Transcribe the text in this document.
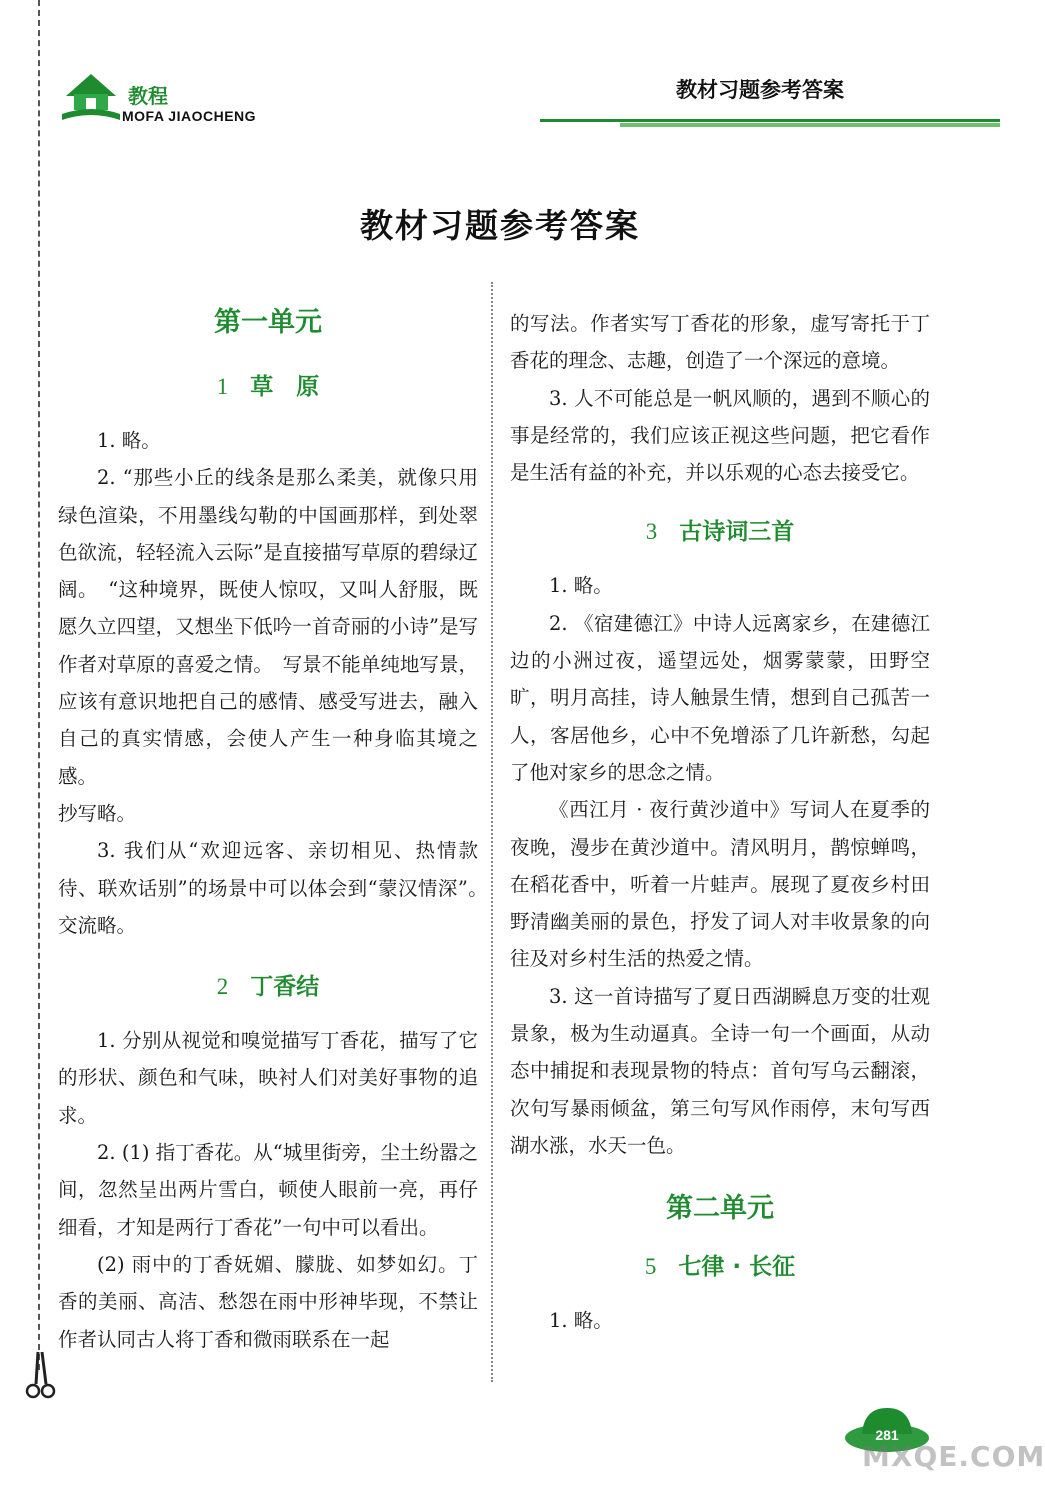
教程
MOFA JIAOCHENG
教材习题参考答案
教材习题参考答案
第一单元
1 草　原

1. 略。

2. “那些小丘的线条是那么柔美，就像只用绿色渲染，不用墨线勾勒的中国画那样，到处翠色欲流，轻轻流入云际”是直接描写草原的碧绿辽阔。　“这种境界，既使人惊叹，又叫人舒服，既愿久立四望，又想坐下低吟一首奇丽的小诗”是写作者对草原的喜爱之情。　写景不能单纯地写景，应该有意识地把自己的感情、感受写进去，融入自己的真实情感，会使人产生一种身临其境之感。

抄写略。

3. 我们从“欢迎远客、亲切相见、热情款待、联欢话别”的场景中可以体会到“蒙汉情深”。　交流略。

2 丁香结

1. 分别从视觉和嗅觉描写丁香花，描写了它的形状、颜色和气味，映衬人们对美好事物的追求。

2. (1) 指丁香花。从“城里街旁，尘土纷嚣之间，忽然呈出两片雪白，顿使人眼前一亮，再仔细看，才知是两行丁香花”一句中可以看出。

(2) 雨中的丁香妩媚、朦胧、如梦如幻。丁香的美丽、高洁、愁怨在雨中形神毕现，不禁让作者认同古人将丁香和微雨联系在一起

的写法。作者实写丁香花的形象，虚写寄托于丁香花的理念、志趣，创造了一个深远的意境。

3. 人不可能总是一帆风顺的，遇到不顺心的事是经常的，我们应该正视这些问题，把它看作是生活有益的补充，并以乐观的心态去接受它。

3 古诗词三首

1. 略。

2. 《宿建德江》中诗人远离家乡，在建德江边的小洲过夜，遥望远处，烟雾蒙蒙，田野空旷，明月高挂，诗人触景生情，想到自己孤苦一人，客居他乡，心中不免增添了几许新愁，勾起了他对家乡的思念之情。

《西江月 · 夜行黄沙道中》写词人在夏季的夜晚，漫步在黄沙道中。清风明月，鹊惊蝉鸣，在稻花香中，听着一片蛙声。展现了夏夜乡村田野清幽美丽的景色，抒发了词人对丰收景象的向往及对乡村生活的热爱之情。

3. 这一首诗描写了夏日西湖瞬息万变的壮观景象，极为生动逼真。全诗一句一个画面，从动态中捕捉和表现景物的特点：首句写乌云翻滚，次句写暴雨倾盆，第三句写风作雨停，末句写西湖水涨，水天一色。

第二单元
5 七律 · 长征

1. 略。

281
MXQE.COM
